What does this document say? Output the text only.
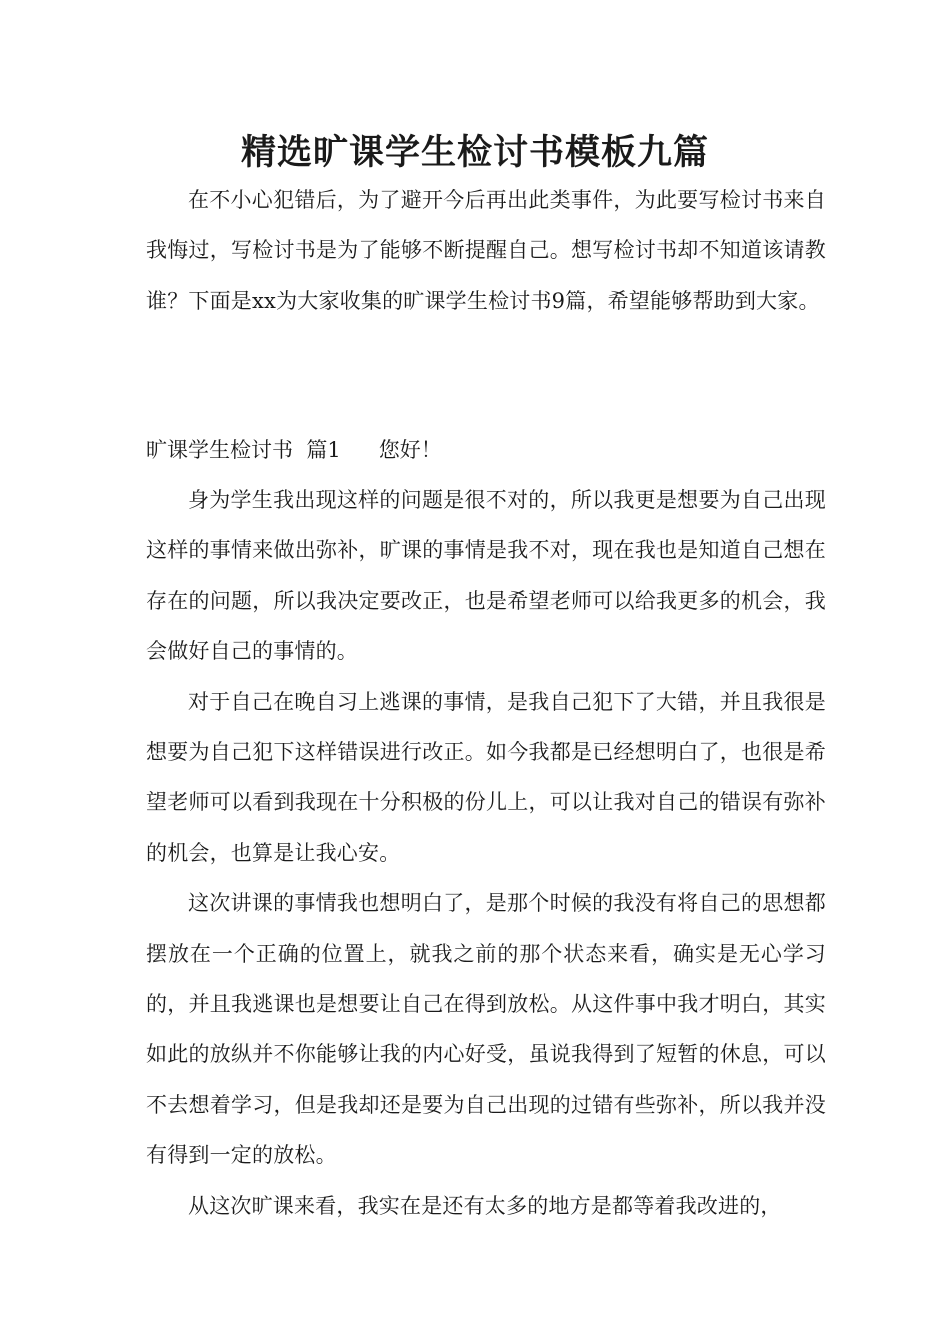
精选旷课学生检讨书模板九篇

在不小心犯错后，为了避开今后再出此类事件，为此要写检讨书来自我悔过，写检讨书是为了能够不断提醒自己。想写检讨书却不知道该请教谁？下面是xx为大家收集的旷课学生检讨书9篇，希望能够帮助到大家。

旷课学生检讨书  篇1 您好！

身为学生我出现这样的问题是很不对的，所以我更是想要为自己出现这样的事情来做出弥补，旷课的事情是我不对，现在我也是知道自己想在存在的问题，所以我决定要改正，也是希望老师可以给我更多的机会，我会做好自己的事情的。

对于自己在晚自习上逃课的事情，是我自己犯下了大错，并且我很是想要为自己犯下这样错误进行改正。如今我都是已经想明白了，也很是希望老师可以看到我现在十分积极的份儿上，可以让我对自己的错误有弥补的机会，也算是让我心安。

这次讲课的事情我也想明白了，是那个时候的我没有将自己的思想都摆放在一个正确的位置上，就我之前的那个状态来看，确实是无心学习的，并且我逃课也是想要让自己在得到放松。从这件事中我才明白，其实如此的放纵并不你能够让我的内心好受，虽说我得到了短暂的休息，可以不去想着学习，但是我却还是要为自己出现的过错有些弥补，所以我并没有得到一定的放松。

从这次旷课来看，我实在是还有太多的地方是都等着我改进的，
